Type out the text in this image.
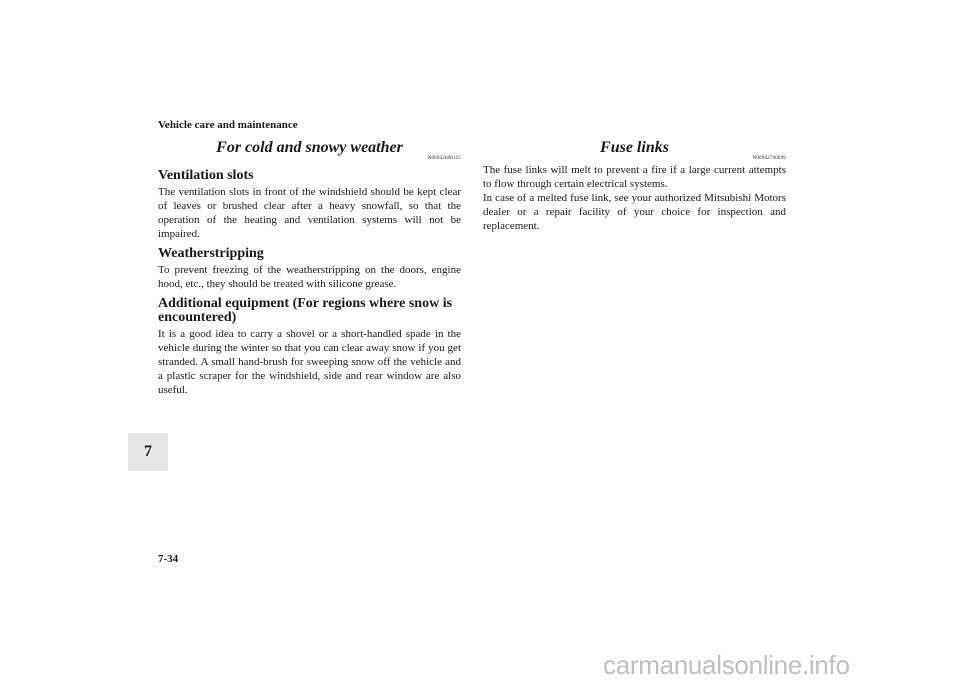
Vehicle care and maintenance
For cold and snowy weather
N00942600115
Ventilation slots

The ventilation slots in front of the windshield should be kept clear of leaves or brushed clear after a heavy snowfall, so that the operation of the heating and ventilation systems will not be impaired.

Weatherstripping

To prevent freezing of the weatherstripping on the doors, engine hood, etc., they should be treated with silicone grease.

Additional equipment (For regions where snow is encountered)

It is a good idea to carry a shovel or a short-handled spade in the vehicle during the winter so that you can clear away snow if you get stranded. A small hand-brush for sweeping snow off the vehicle and a plastic scraper for the windshield, side and rear window are also useful.

Fuse links
N00942700099

The fuse links will melt to prevent a fire if a large current attempts to flow through certain electrical systems.

In case of a melted fuse link, see your authorized Mitsubishi Motors dealer or a repair facility of your choice for inspection and replacement.

7
7-34
carmanualsonline.info
